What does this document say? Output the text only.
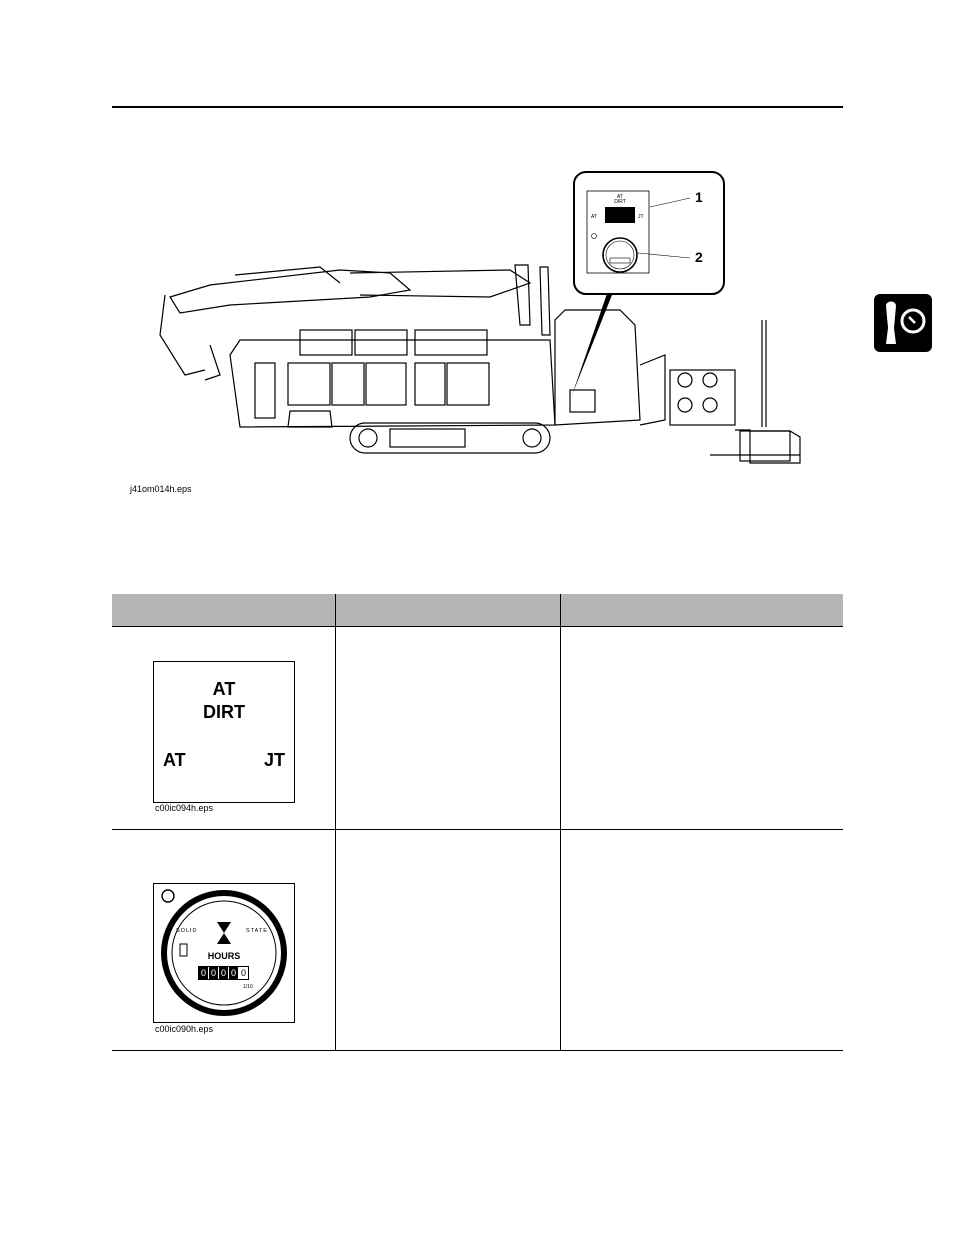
AT
DIRT
AT	JT
1
2
j41om014h.eps
AT
DIRT
AT	JT
c00ic094h.eps
SOLID	STATE
HOURS
0 0 0 0 0
1/10
c00ic090h.eps
